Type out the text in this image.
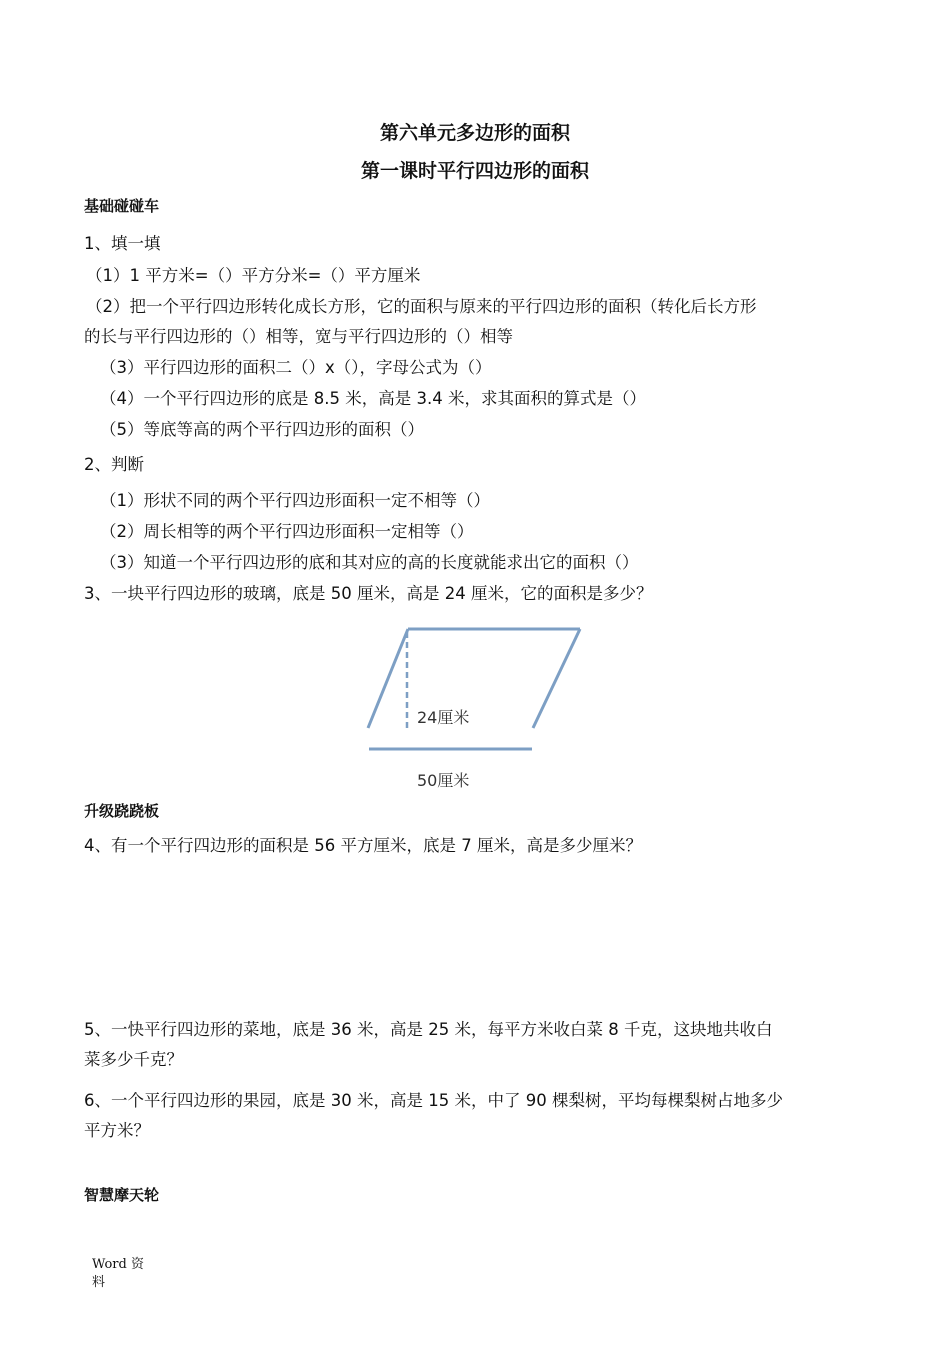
第六单元多边形的面积
第一课时平行四边形的面积
基础碰碰车
1、填一填
（1）1 平方米=（）平方分米=（）平方厘米
（2）把一个平行四边形转化成长方形，它的面积与原来的平行四边形的面积（转化后长方形
的长与平行四边形的（）相等，宽与平行四边形的（）相等
（3）平行四边形的面积二（）x（），字母公式为（）
（4）一个平行四边形的底是 8.5 米，高是 3.4 米，求其面积的算式是（）
（5）等底等高的两个平行四边形的面积（）
2、判断
（1）形状不同的两个平行四边形面积一定不相等（）
（2）周长相等的两个平行四边形面积一定相等（）
（3）知道一个平行四边形的底和其对应的高的长度就能求出它的面积（）
3、一块平行四边形的玻璃，底是 50 厘米，高是 24 厘米，它的面积是多少？
24厘米
50厘米
升级跷跷板
4、有一个平行四边形的面积是 56 平方厘米，底是 7 厘米，高是多少厘米？
5、一快平行四边形的菜地，底是 36 米，高是 25 米，每平方米收白菜 8 千克，这块地共收白
菜多少千克？
6、一个平行四边形的果园，底是 30 米，高是 15 米，中了 90 棵梨树，平均每棵梨树占地多少
平方米？
智慧摩天轮
Word 资料
